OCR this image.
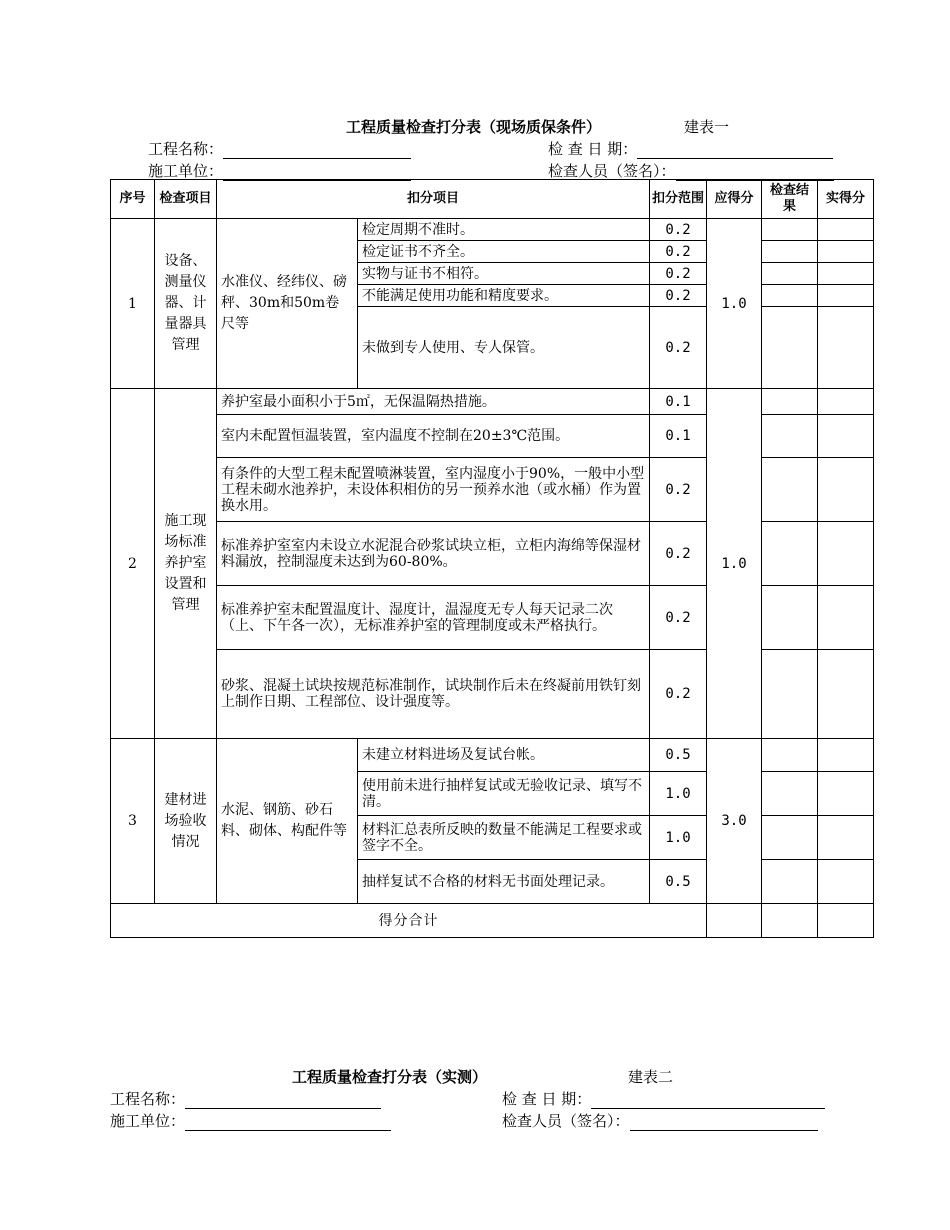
工程质量检查打分表（现场质保条件）	建表一
工程名称：	检 查 日 期：
施工单位：	检查人员（签名）：
序号	检查项目	扣分项目		扣分范围	应得分	检查结果	实得分
1	设备、测量仪器、计量器具管理	水准仪、经纬仪、磅秤、30m和50m卷尺等	检定周期不准时。	0.2	1.0		
			检定证书不齐全。	0.2			
			实物与证书不相符。	0.2			
			不能满足使用功能和精度要求。	0.2			
			未做到专人使用、专人保管。	0.2			
2	施工现场标准养护室设置和管理	养护室最小面积小于5㎡，无保温隔热措施。		0.1	1.0		
		室内未配置恒温装置，室内温度不控制在20±3℃范围。		0.1			
		有条件的大型工程未配置喷淋装置，室内湿度小于90%，一般中小型工程未砌水池养护，未设体积相仿的另一预养水池（或水桶）作为置换水用。		0.2			
		标准养护室室内未设立水泥混合砂浆试块立柜，立柜内海绵等保湿材料漏放，控制湿度未达到为60-80%。		0.2			
		标准养护室未配置温度计、湿度计，温湿度无专人每天记录二次（上、下午各一次），无标准养护室的管理制度或未严格执行。		0.2			
		砂浆、混凝土试块按规范标准制作，试块制作后未在终凝前用铁钉刻上制作日期、工程部位、设计强度等。		0.2			
3	建材进场验收情况	水泥、钢筋、砂石料、砌体、构配件等	未建立材料进场及复试台帐。	0.5	3.0		
			使用前未进行抽样复试或无验收记录、填写不清。	1.0			
			材料汇总表所反映的数量不能满足工程要求或签字不全。	1.0			
			抽样复试不合格的材料无书面处理记录。	0.5			
得分合计							
工程质量检查打分表（实测）	建表二
工程名称：	检 查 日 期：
施工单位：	检查人员（签名）：
